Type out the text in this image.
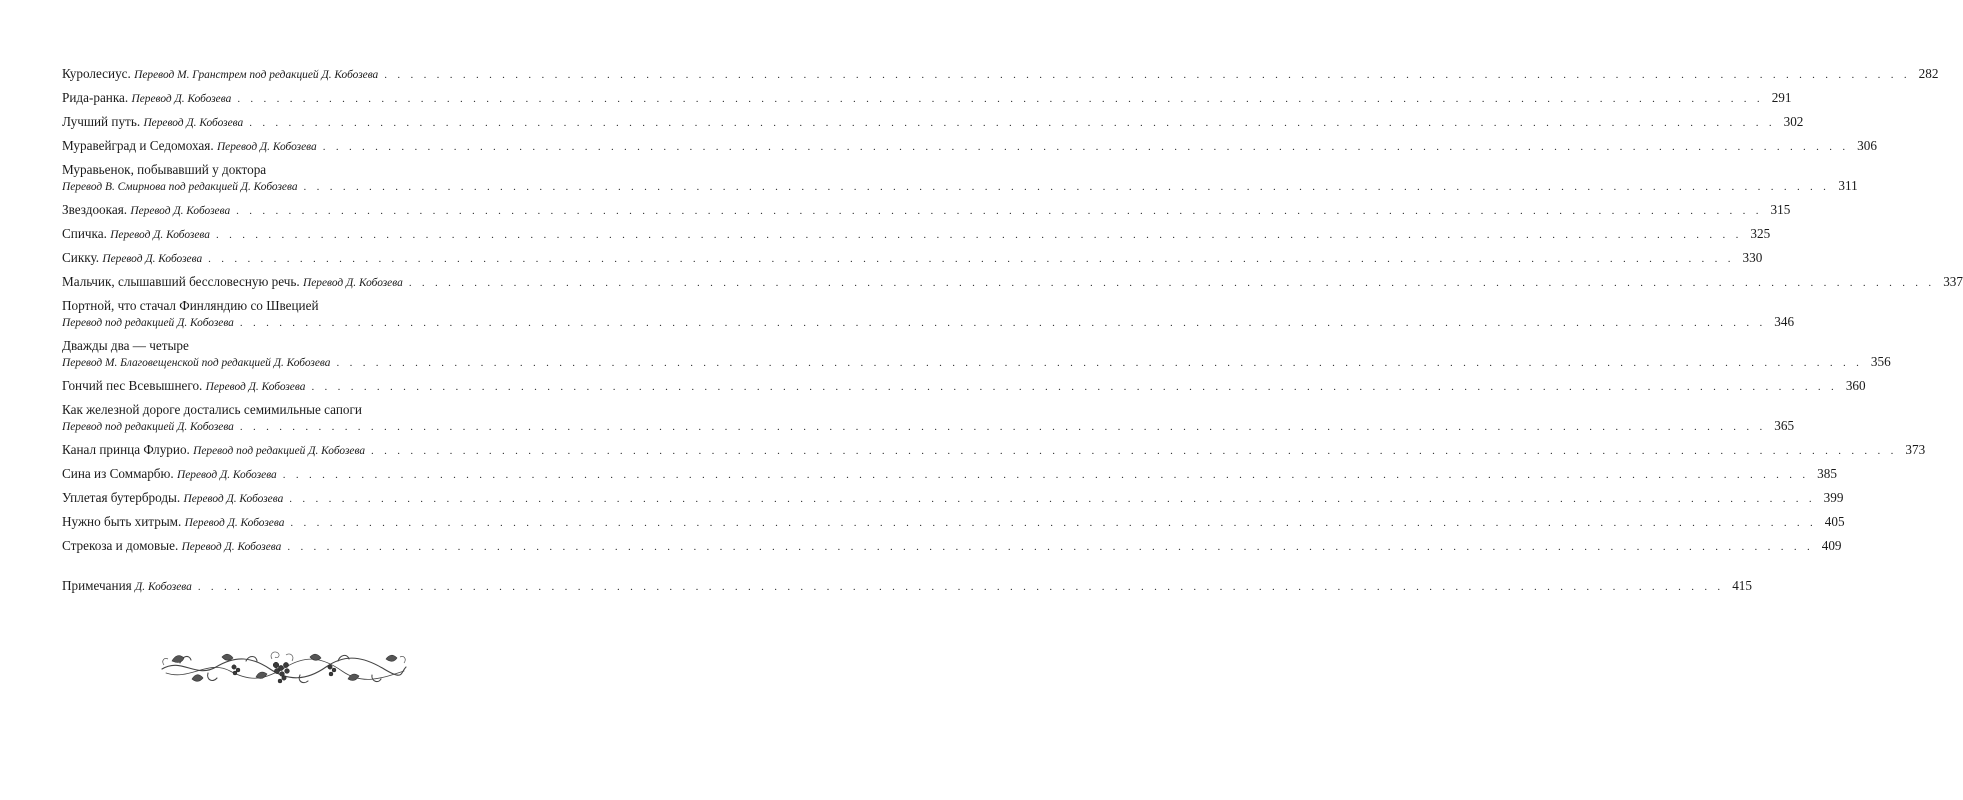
Куролесиус. Перевод М. Гранстрем под редакцией Д. Кобозева . . .	282
Рида-ранка. Перевод Д. Кобозева . . .	291
Лучший путь. Перевод Д. Кобозева . . .	302
Муравейград и Седомохая. Перевод Д. Кобозева . . .	306
Муравьенок, побывавший у доктора
Перевод В. Смирнова под редакцией Д. Кобозева . . .	311
Звездоокая. Перевод Д. Кобозева . . .	315
Спичка. Перевод Д. Кобозева . . .	325
Сикку. Перевод Д. Кобозева . . .	330
Мальчик, слышавший бессловесную речь. Перевод Д. Кобозева . . .	337
Портной, что стачал Финляндию со Швецией
Перевод под редакцией Д. Кобозева . . .	346
Дважды два — четыре
Перевод М. Благовещенской под редакцией Д. Кобозева . . .	356
Гончий пес Всевышнего. Перевод Д. Кобозева . . .	360
Как железной дороге достались семимильные сапоги
Перевод под редакцией Д. Кобозева . . .	365
Канал принца Флурио. Перевод под редакцией Д. Кобозева . . .	373
Сина из Соммарбю. Перевод Д. Кобозева . . .	385
Уплетая бутерброды. Перевод Д. Кобозева . . .	399
Нужно быть хитрым. Перевод Д. Кобозева . . .	405
Стрекоза и домовые. Перевод Д. Кобозева . . .	409
Примечания Д. Кобозева . . .	415
